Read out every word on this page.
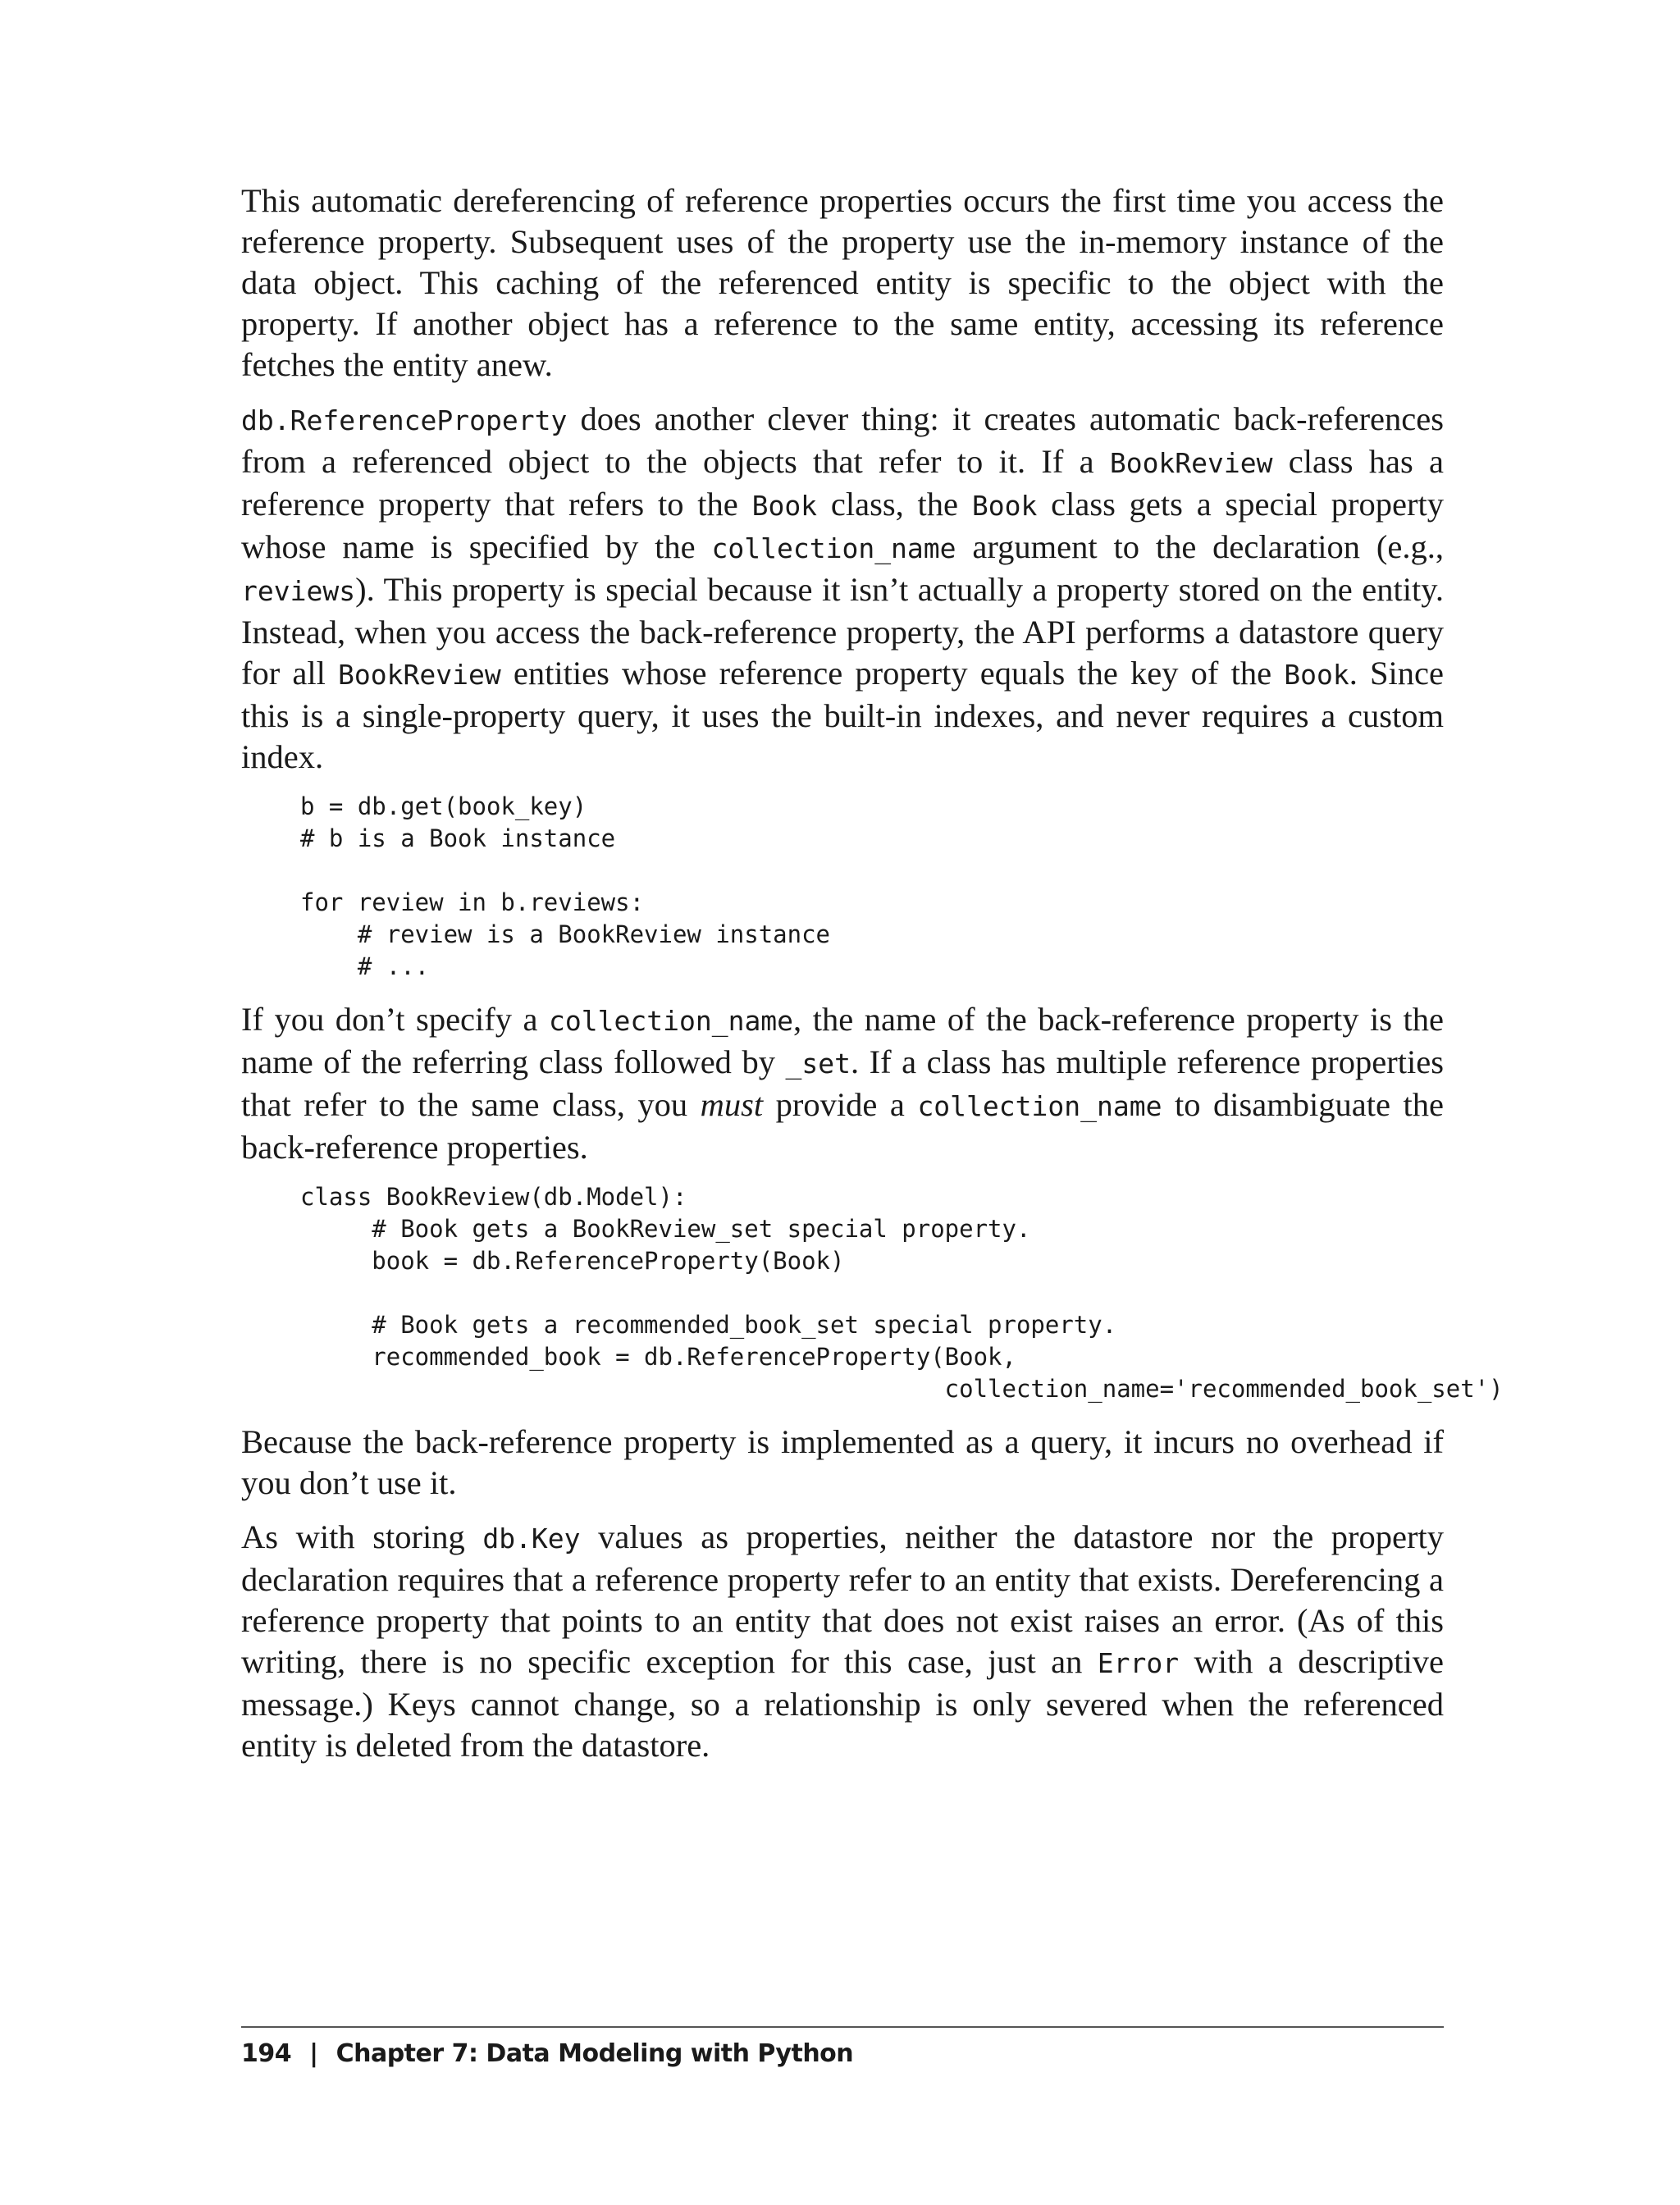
This automatic dereferencing of reference properties occurs the first time you access the reference property. Subsequent uses of the property use the in-memory instance of the data object. This caching of the referenced entity is specific to the object with the property. If another object has a reference to the same entity, accessing its reference fetches the entity anew.

db.ReferenceProperty does another clever thing: it creates automatic back-references from a referenced object to the objects that refer to it. If a BookReview class has a reference property that refers to the Book class, the Book class gets a special property whose name is specified by the collection_name argument to the declaration (e.g., reviews). This property is special because it isn’t actually a property stored on the entity. Instead, when you access the back-reference property, the API performs a datastore query for all BookReview entities whose reference property equals the key of the Book. Since this is a single-property query, it uses the built-in indexes, and never requires a custom index.

b = db.get(book_key)
# b is a Book instance

for review in b.reviews:
# review is a BookReview instance
# ...

If you don’t specify a collection_name, the name of the back-reference property is the name of the referring class followed by _set. If a class has multiple reference properties that refer to the same class, you must provide a collection_name to disambiguate the back-reference properties.

class BookReview(db.Model):
# Book gets a BookReview_set special property.
book = db.ReferenceProperty(Book)

# Book gets a recommended_book_set special property.
recommended_book = db.ReferenceProperty(Book,
collection_name='recommended_book_set')

Because the back-reference property is implemented as a query, it incurs no overhead if you don’t use it.

As with storing db.Key values as properties, neither the datastore nor the property declaration requires that a reference property refer to an entity that exists. Dereferencing a reference property that points to an entity that does not exist raises an error. (As of this writing, there is no specific exception for this case, just an Error with a descriptive message.) Keys cannot change, so a relationship is only severed when the referenced entity is deleted from the datastore.

194 | Chapter 7: Data Modeling with Python
